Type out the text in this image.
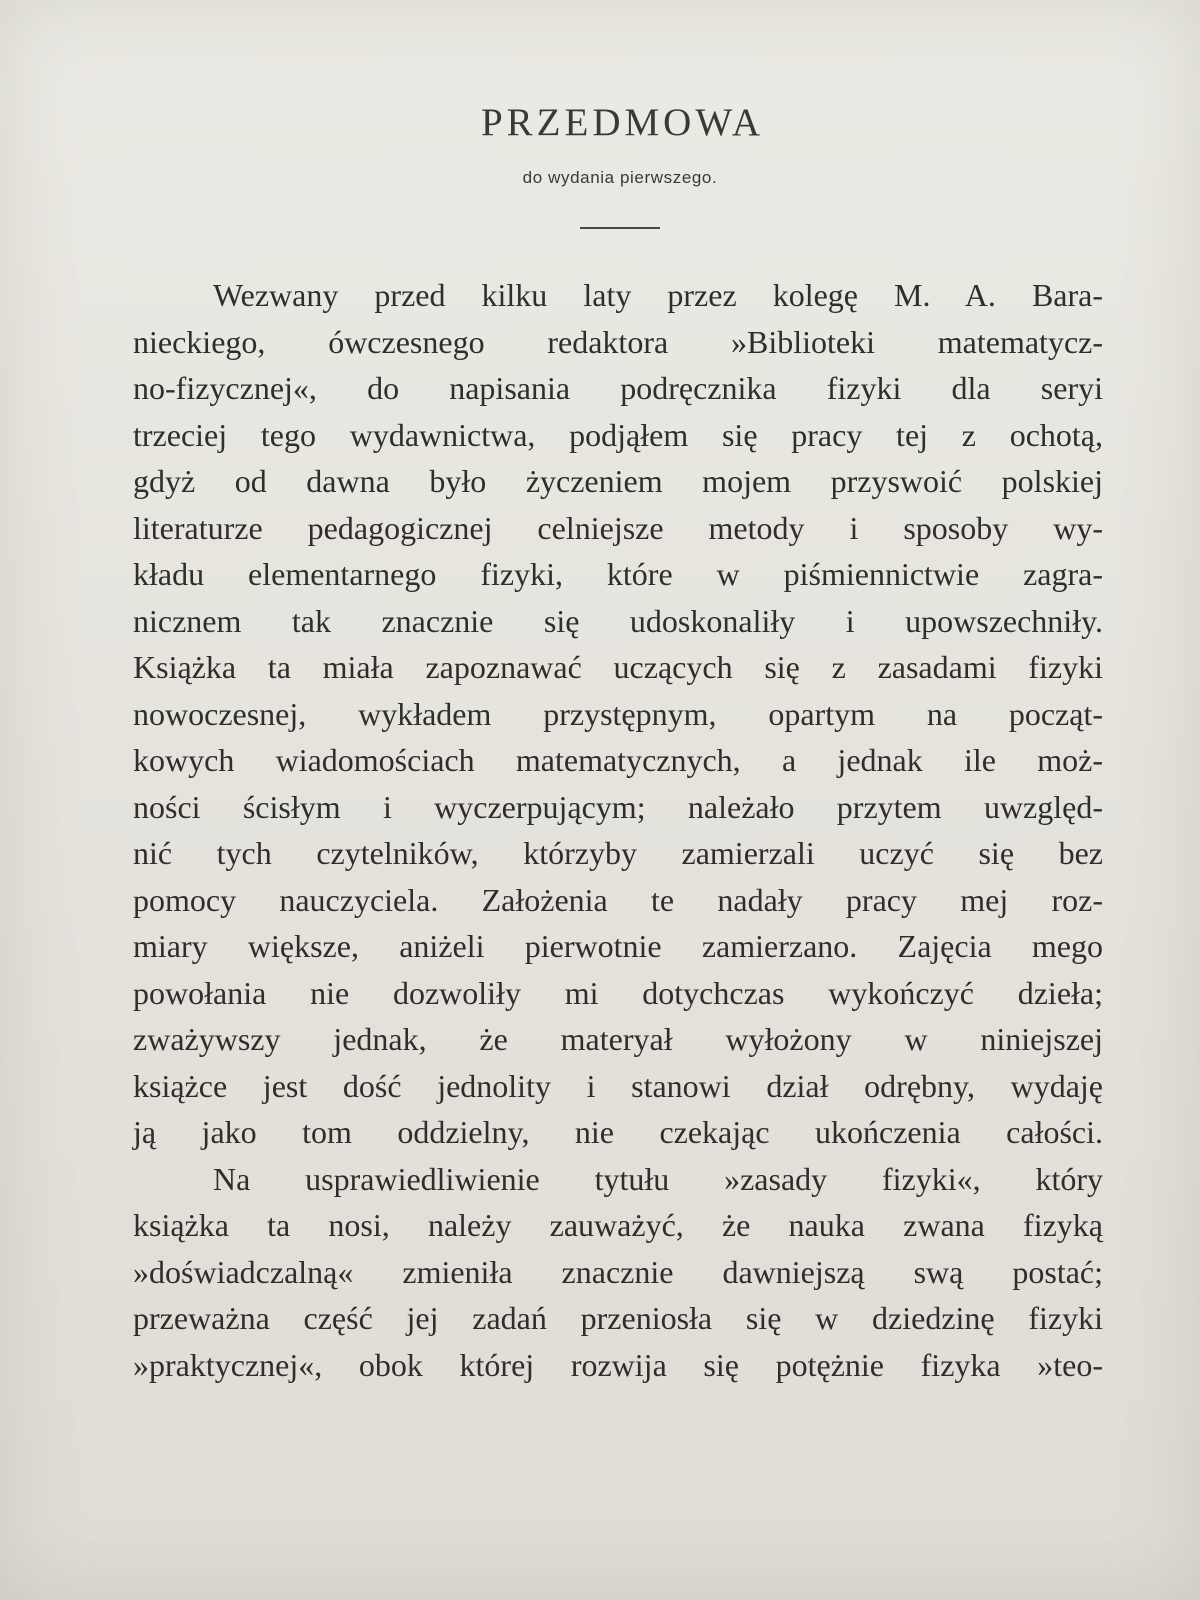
PRZEDMOWA
do wydania pierwszego.
Wezwany przed kilku laty przez kolegę M. A. Bara-
nieckiego, ówczesnego redaktora »Biblioteki matematycz-
no-fizycznej«, do napisania podręcznika fizyki dla seryi
trzeciej tego wydawnictwa, podjąłem się pracy tej z ochotą,
gdyż od dawna było życzeniem mojem przyswoić polskiej
literaturze pedagogicznej celniejsze metody i sposoby wy-
kładu elementarnego fizyki, które w piśmiennictwie zagra-
nicznem tak znacznie się udoskonaliły i upowszechniły.
Książka ta miała zapoznawać uczących się z zasadami fizyki
nowoczesnej, wykładem przystępnym, opartym na począt-
kowych wiadomościach matematycznych, a jednak ile moż-
ności ścisłym i wyczerpującym; należało przytem uwzględ-
nić tych czytelników, którzyby zamierzali uczyć się bez
pomocy nauczyciela. Założenia te nadały pracy mej roz-
miary większe, aniżeli pierwotnie zamierzano. Zajęcia mego
powołania nie dozwoliły mi dotychczas wykończyć dzieła;
zważywszy jednak, że materyał wyłożony w niniejszej
książce jest dość jednolity i stanowi dział odrębny, wydaję
ją jako tom oddzielny, nie czekając ukończenia całości.
Na usprawiedliwienie tytułu »zasady fizyki«, który
książka ta nosi, należy zauważyć, że nauka zwana fizyką
»doświadczalną« zmieniła znacznie dawniejszą swą postać;
przeważna część jej zadań przeniosła się w dziedzinę fizyki
»praktycznej«, obok której rozwija się potężnie fizyka »teo-
